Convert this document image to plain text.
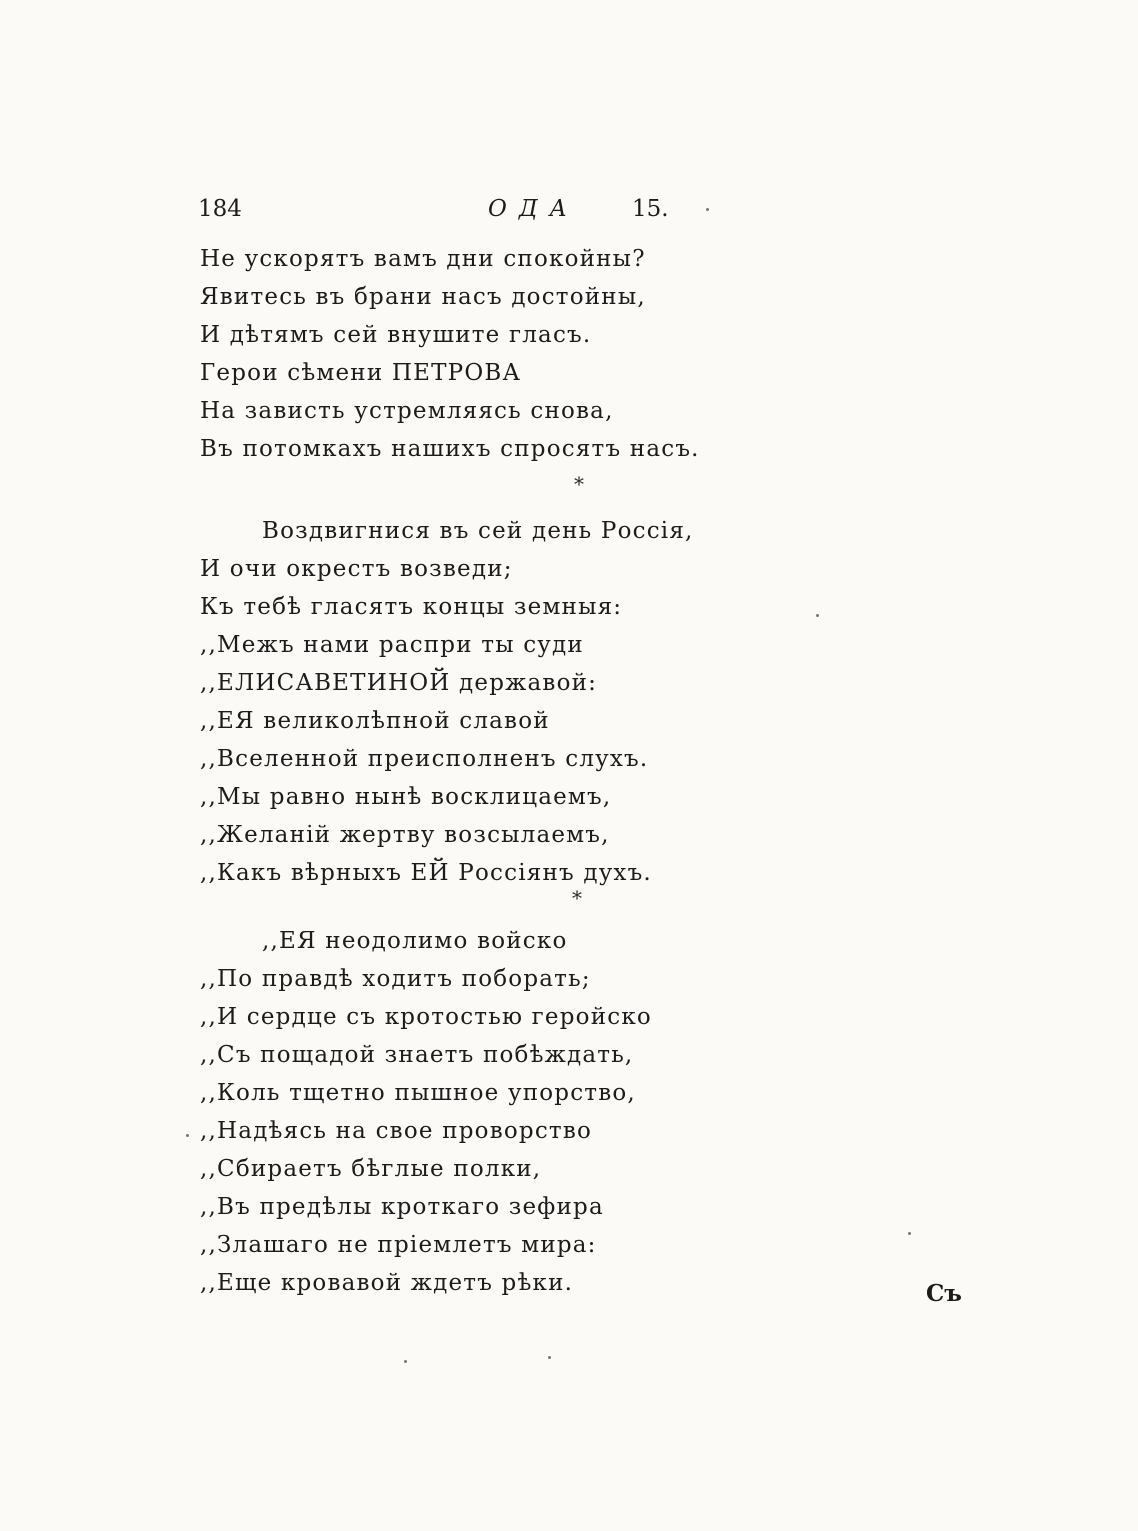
184	ОДА 15.
Не ускорятъ вамъ дни спокойны?
Явитесь въ брани насъ достойны,
И дѣтямъ сей внушите гласъ.
Герои сѣмени ПЕТРОВА
На зависть устремляясь снова,
Въ потомкахъ нашихъ спросятъ насъ.
*
Воздвигнися въ сей день Россія,
И очи окрестъ возведи;
Къ тебѣ гласятъ концы земныя:
,,Межъ нами распри ты суди
,,ЕЛИСАВЕТИНОЙ державой:
,,ЕЯ великолѣпной славой
,,Вселенной преисполненъ слухъ.
,,Мы равно нынѣ восклицаемъ,
,,Желаній жертву возсылаемъ,
,,Какъ вѣрныхъ ЕЙ Россіянъ духъ.
*
,,ЕЯ неодолимо войско
,,По правдѣ ходитъ поборать;
,,И сердце съ кротостью геройско
,,Съ пощадой знаетъ побѣждать,
,,Коль тщетно пышное упорство,
,,Надѣясь на свое проворство
,,Сбираетъ бѣглые полки,
,,Въ предѣлы кроткаго зефира
,,Злашаго не пріемлетъ мира:
,,Еще кровавой ждетъ рѣки.	Съ
